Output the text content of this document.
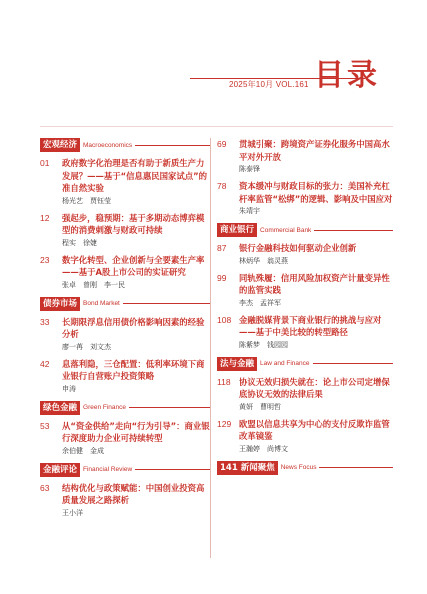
2025年10月 VOL.161 目录
宏观经济 Macroeconomics
01	政府数字化治理是否有助于新质生产力发展？——基于“信息惠民国家试点”的准自然实验
杨光艺　贾钰莹
12	强起步，稳预期：基于多期动态博弈模型的消费刺激与财政可持续
程实　徐婕
23	数字化转型、企业创新与全要素生产率——基于A股上市公司的实证研究
张卓　曾刚　李一民
债券市场 Bond Market
33	长期限浮息信用债价格影响因素的经验分析
廖一苒　刘文杰
42	息落利隐，三仓配置：低利率环境下商业银行自营账户投资策略
申涛
绿色金融 Green Finance
53	从“资金供给”走向“行为引导”：商业银行深度助力企业可持续转型
余伯健　金成
金融评论 Financial Review
63	结构优化与政策赋能：中国创业投资高质量发展之路探析
王小洋
69	贯城引聚：跨境资产证券化服务中国高水平对外开放
陈泰锋
78	资本缓冲与财政目标的张力：美国补充杠杆率监管“松绑”的逻辑、影响及中国应对
朱靖宇
商业银行 Commercial Bank
87	银行金融科技如何驱动企业创新
林炳华　翁灵燕
99	同轨殊履：信用风险加权资产计量变异性的监管实践
李杰　孟祥军
108 金融脱媒背景下商业银行的挑战与应对——基于中美比较的转型路径
陈紫梦　钱园园
法与金融 Law and Finance
118	协议无效归损失就在：论上市公司定增保底协议无效的法律后果
黄妍　曹明哲
129 欧盟以信息共享为中心的支付反欺诈监管改革镜鉴
王瀚婷　尚博文
141 新闻聚焦 News Focus
